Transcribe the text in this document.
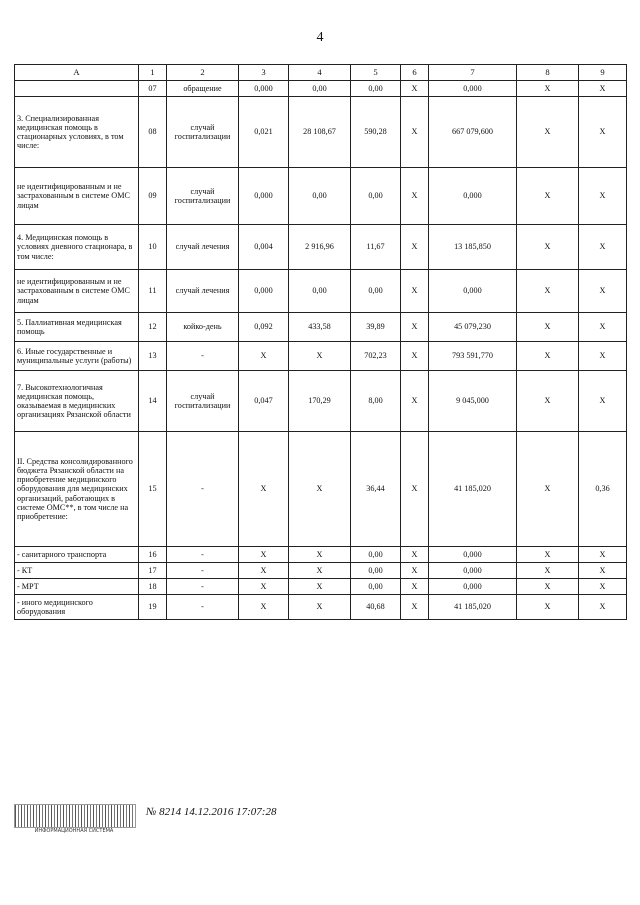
4
A	1	2	3	4	5	6	7	8	9
	07	обращение	0,000	0,00	0,00	X	0,000	X	X
3. Специализированная медицинская помощь в стационарных условиях, в том числе:	08	случай госпитализации	0,021	28 108,67	590,28	X	667 079,600	X	X
не идентифицированным и не застрахованным в системе ОМС лицам	09	случай госпитализации	0,000	0,00	0,00	X	0,000	X	X
4. Медицинская помощь в условиях дневного стационара, в том числе:	10	случай лечения	0,004	2 916,96	11,67	X	13 185,850	X	X
не идентифицированным и не застрахованным в системе ОМС лицам	11	случай лечения	0,000	0,00	0,00	X	0,000	X	X
5. Паллиативная медицинская помощь	12	койко-день	0,092	433,58	39,89	X	45 079,230	X	X
6. Иные государственные и муниципальные услуги (работы)	13	-	X	X	702,23	X	793 591,770	X	X
7. Высокотехнологичная медицинская помощь, оказываемая в медицинских организациях Рязанской области	14	случай госпитализации	0,047	170,29	8,00	X	9 045,000	X	X
II. Средства консолидированного бюджета Рязанской области на приобретение медицинского оборудования для медицинских организаций, работающих в системе ОМС**, в том числе на приобретение:	15	-	X	X	36,44	X	41 185,020	X	0,36
- санитарного транспорта	16	-	X	X	0,00	X	0,000	X	X
- КТ	17	-	X	X	0,00	X	0,000	X	X
- МРТ	18	-	X	X	0,00	X	0,000	X	X
- иного медицинского оборудования	19	-	X	X	40,68	X	41 185,020	X	X
ИНФОРМАЦИОННАЯ СИСТЕМА
№ 8214 14.12.2016 17:07:28
